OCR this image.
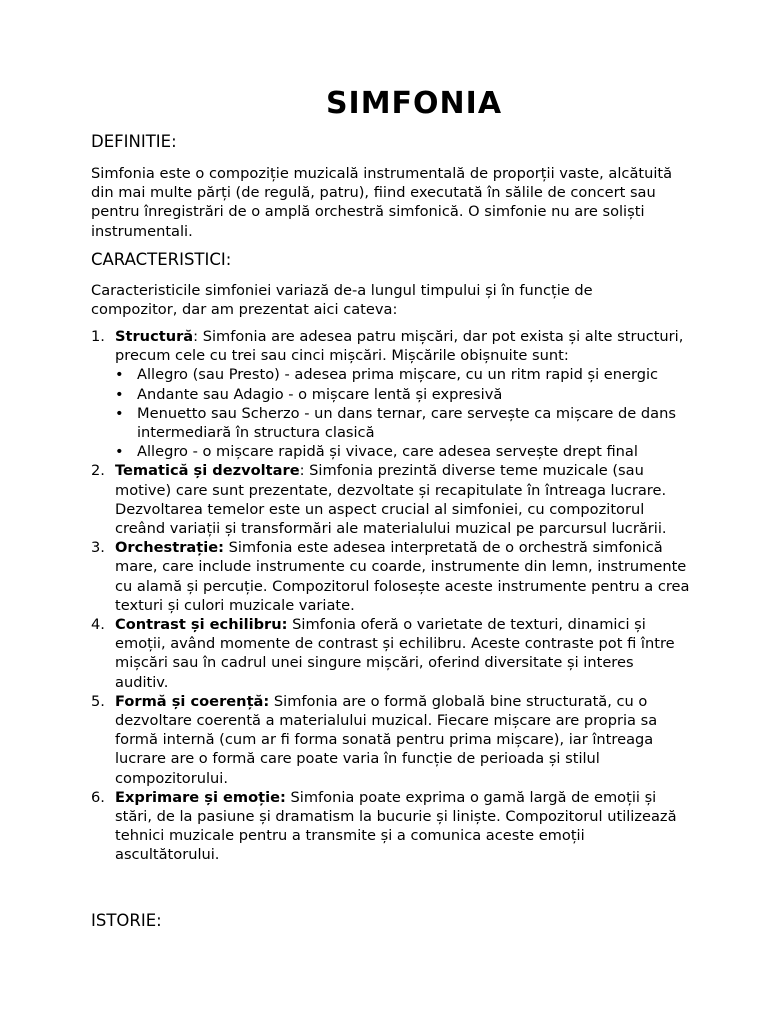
SIMFONIA
DEFINITIE:
Simfonia este o compoziție muzicală instrumentală de proporții vaste, alcătuită din mai multe părți (de regulă, patru), fiind executată în sălile de concert sau pentru înregistrări de o amplă orchestră simfonică. O simfonie nu are soliști instrumentali.
CARACTERISTICI:
Caracteristicile simfoniei variază de-a lungul timpului și în funcție de compozitor, dar am prezentat aici cateva:
1. Structură: Simfonia are adesea patru mișcări, dar pot exista și alte structuri, precum cele cu trei sau cinci mișcări. Mișcările obișnuite sunt:
• Allegro (sau Presto) - adesea prima mișcare, cu un ritm rapid și energic
• Andante sau Adagio - o mișcare lentă și expresivă
• Menuetto sau Scherzo - un dans ternar, care servește ca mișcare de dans intermediară în structura clasică
• Allegro - o mișcare rapidă și vivace, care adesea servește drept final
2. Tematică și dezvoltare: Simfonia prezintă diverse teme muzicale (sau motive) care sunt prezentate, dezvoltate și recapitulate în întreaga lucrare. Dezvoltarea temelor este un aspect crucial al simfoniei, cu compozitorul creând variații și transformări ale materialului muzical pe parcursul lucrării.
3. Orchestrație: Simfonia este adesea interpretată de o orchestră simfonică mare, care include instrumente cu coarde, instrumente din lemn, instrumente cu alamă și percuție. Compozitorul folosește aceste instrumente pentru a crea texturi și culori muzicale variate.
4. Contrast și echilibru: Simfonia oferă o varietate de texturi, dinamici și emoții, având momente de contrast și echilibru. Aceste contraste pot fi între mișcări sau în cadrul unei singure mișcări, oferind diversitate și interes auditiv.
5. Formă și coerență: Simfonia are o formă globală bine structurată, cu o dezvoltare coerentă a materialului muzical. Fiecare mișcare are propria sa formă internă (cum ar fi forma sonată pentru prima mișcare), iar întreaga lucrare are o formă care poate varia în funcție de perioada și stilul compozitorului.
6. Exprimare și emoție: Simfonia poate exprima o gamă largă de emoții și stări, de la pasiune și dramatism la bucurie și liniște. Compozitorul utilizează tehnici muzicale pentru a transmite și a comunica aceste emoții ascultătorului.
ISTORIE:
